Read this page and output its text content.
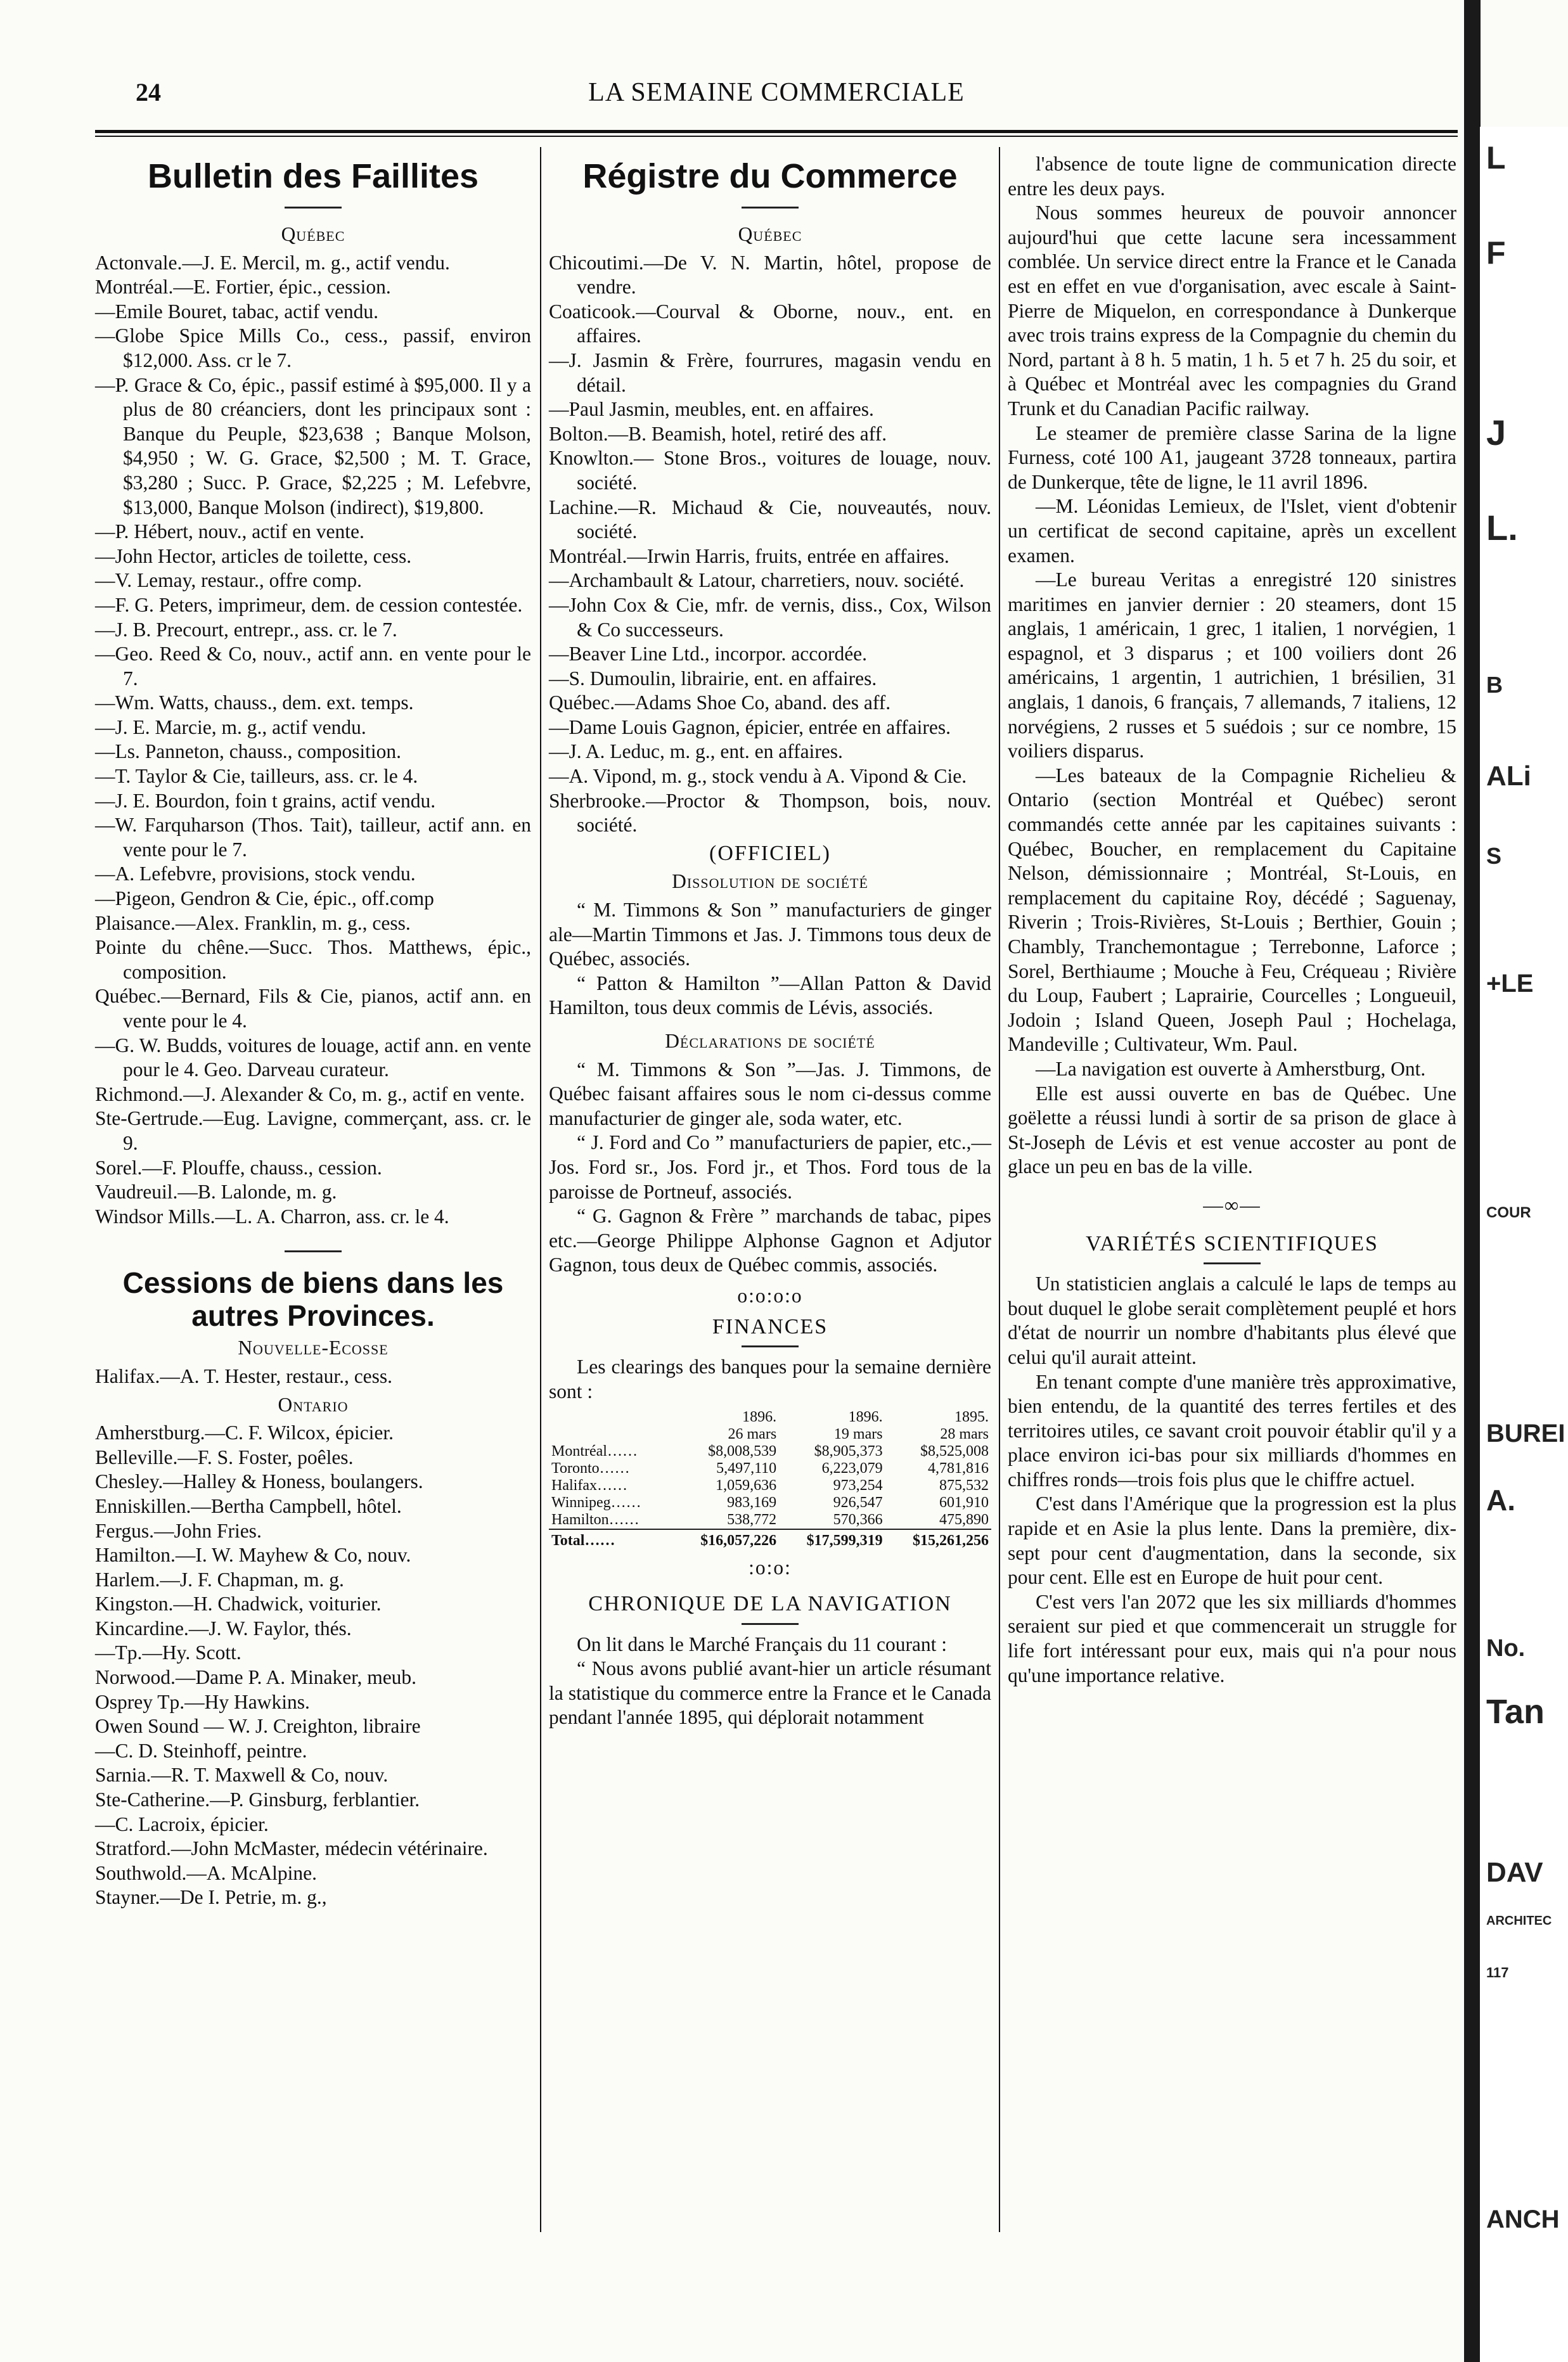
24	LA SEMAINE COMMERCIALE

Bulletin des Faillites

Québec

Actonvale.—J. E. Mercil, m. g., actif vendu.

Montréal.—E. Fortier, épic., cession.

—Emile Bouret, tabac, actif vendu.

—Globe Spice Mills Co., cess., passif, environ $12,000. Ass. cr le 7.

—P. Grace & Co, épic., passif estimé à $95,000. Il y a plus de 80 créanciers, dont les principaux sont : Banque du Peuple, $23,638 ; Banque Molson, $4,950 ; W. G. Grace, $2,500 ; M. T. Grace, $3,280 ; Succ. P. Grace, $2,225 ; M. Lefebvre, $13,000, Banque Molson (indirect), $19,800.

—P. Hébert, nouv., actif en vente.

—John Hector, articles de toilette, cess.

—V. Lemay, restaur., offre comp.

—F. G. Peters, imprimeur, dem. de cession contestée.

—J. B. Precourt, entrepr., ass. cr. le 7.

—Geo. Reed & Co, nouv., actif ann. en vente pour le 7.

—Wm. Watts, chauss., dem. ext. temps.

—J. E. Marcie, m. g., actif vendu.

—Ls. Panneton, chauss., composition.

—T. Taylor & Cie, tailleurs, ass. cr. le 4.

—J. E. Bourdon, foin t grains, actif vendu.

—W. Farquharson (Thos. Tait), tailleur, actif ann. en vente pour le 7.

—A. Lefebvre, provisions, stock vendu.

—Pigeon, Gendron & Cie, épic., off.comp

Plaisance.—Alex. Franklin, m. g., cess.

Pointe du chêne.—Succ. Thos. Matthews, épic., composition.

Québec.—Bernard, Fils & Cie, pianos, actif ann. en vente pour le 4.

—G. W. Budds, voitures de louage, actif ann. en vente pour le 4. Geo. Darveau curateur.

Richmond.—J. Alexander & Co, m. g., actif en vente.

Ste-Gertrude.—Eug. Lavigne, commerçant, ass. cr. le 9.

Sorel.—F. Plouffe, chauss., cession.

Vaudreuil.—B. Lalonde, m. g.

Windsor Mills.—L. A. Charron, ass. cr. le 4.

Cessions de biens dans les autres Provinces.

Nouvelle-Ecosse

Halifax.—A. T. Hester, restaur., cess.

Ontario

Amherstburg.—C. F. Wilcox, épicier.

Belleville.—F. S. Foster, poêles.

Chesley.—Halley & Honess, boulangers.

Enniskillen.—Bertha Campbell, hôtel.

Fergus.—John Fries.

Hamilton.—I. W. Mayhew & Co, nouv.

Harlem.—J. F. Chapman, m. g.

Kingston.—H. Chadwick, voiturier.

Kincardine.—J. W. Faylor, thés.

—Tp.—Hy. Scott.

Norwood.—Dame P. A. Minaker, meub.

Osprey Tp.—Hy Hawkins.

Owen Sound — W. J. Creighton, libraire

—C. D. Steinhoff, peintre.

Sarnia.—R. T. Maxwell & Co, nouv.

Ste-Catherine.—P. Ginsburg, ferblantier.

—C. Lacroix, épicier.

Stratford.—John McMaster, médecin vétérinaire.

Southwold.—A. McAlpine.

Stayner.—De I. Petrie, m. g.,

Régistre du Commerce

Québec

Chicoutimi.—De V. N. Martin, hôtel, propose de vendre.

Coaticook.—Courval & Oborne, nouv., ent. en affaires.

—J. Jasmin & Frère, fourrures, magasin vendu en détail.

—Paul Jasmin, meubles, ent. en affaires.

Bolton.—B. Beamish, hotel, retiré des aff.

Knowlton.— Stone Bros., voitures de louage, nouv. société.

Lachine.—R. Michaud & Cie, nouveautés, nouv. société.

Montréal.—Irwin Harris, fruits, entrée en affaires.

—Archambault & Latour, charretiers, nouv. société.

—John Cox & Cie, mfr. de vernis, diss., Cox, Wilson & Co successeurs.

—Beaver Line Ltd., incorpor. accordée.

—S. Dumoulin, librairie, ent. en affaires.

Québec.—Adams Shoe Co, aband. des aff.

—Dame Louis Gagnon, épicier, entrée en affaires.

—J. A. Leduc, m. g., ent. en affaires.

—A. Vipond, m. g., stock vendu à A. Vipond & Cie.

Sherbrooke.—Proctor & Thompson, bois, nouv. société.

(OFFICIEL)

Dissolution de société

“ M. Timmons & Son ” manufacturiers de ginger ale—Martin Timmons et Jas. J. Timmons tous deux de Québec, associés.

“ Patton & Hamilton ”—Allan Patton & David Hamilton, tous deux commis de Lévis, associés.

Déclarations de société

“ M. Timmons & Son ”—Jas. J. Timmons, de Québec faisant affaires sous le nom ci-dessus comme manufacturier de ginger ale, soda water, etc.

“ J. Ford and Co ” manufacturiers de papier, etc.,—Jos. Ford sr., Jos. Ford jr., et Thos. Ford tous de la paroisse de Portneuf, associés.

“ G. Gagnon & Frère ” marchands de tabac, pipes etc.—George Philippe Alphonse Gagnon et Adjutor Gagnon, tous deux de Québec commis, associés.

o:o:o:o

FINANCES

Les clearings des banques pour la semaine dernière sont :

	1896.	1896.	1895.
	26 mars	19 mars	28 mars
Montréal……	$8,008,539	$8,905,373	$8,525,008
Toronto……	5,497,110	6,223,079	4,781,816
Halifax……	1,059,636	973,254	875,532
Winnipeg……	983,169	926,547	601,910
Hamilton……	538,772	570,366	475,890
Total……	$16,057,226	$17,599,319	$15,261,256

:o:o:

CHRONIQUE DE LA NAVIGATION

On lit dans le Marché Français du 11 courant :

“ Nous avons publié avant-hier un article résumant la statistique du commerce entre la France et le Canada pendant l'année 1895, qui déplorait notamment

l'absence de toute ligne de communication directe entre les deux pays.

Nous sommes heureux de pouvoir annoncer aujourd'hui que cette lacune sera incessamment comblée. Un service direct entre la France et le Canada est en effet en vue d'organisation, avec escale à Saint-Pierre de Miquelon, en correspondance à Dunkerque avec trois trains express de la Compagnie du chemin du Nord, partant à 8 h. 5 matin, 1 h. 5 et 7 h. 25 du soir, et à Québec et Montréal avec les compagnies du Grand Trunk et du Canadian Pacific railway.

Le steamer de première classe Sarina de la ligne Furness, coté 100 A1, jaugeant 3728 tonneaux, partira de Dunkerque, tête de ligne, le 11 avril 1896.

—M. Léonidas Lemieux, de l'Islet, vient d'obtenir un certificat de second capitaine, après un excellent examen.

—Le bureau Veritas a enregistré 120 sinistres maritimes en janvier dernier : 20 steamers, dont 15 anglais, 1 américain, 1 grec, 1 italien, 1 norvégien, 1 espagnol, et 3 disparus ; et 100 voiliers dont 26 américains, 1 argentin, 1 autrichien, 1 brésilien, 31 anglais, 1 danois, 6 français, 7 allemands, 7 italiens, 12 norvégiens, 2 russes et 5 suédois ; sur ce nombre, 15 voiliers disparus.

—Les bateaux de la Compagnie Richelieu & Ontario (section Montréal et Québec) seront commandés cette année par les capitaines suivants : Québec, Boucher, en remplacement du Capitaine Nelson, démissionnaire ; Montréal, St-Louis, en remplacement du capitaine Roy, décédé ; Saguenay, Riverin ; Trois-Rivières, St-Louis ; Berthier, Gouin ; Chambly, Tranchemontague ; Terrebonne, Laforce ; Sorel, Berthiaume ; Mouche à Feu, Créqueau ; Rivière du Loup, Faubert ; Laprairie, Courcelles ; Longueuil, Jodoin ; Island Queen, Joseph Paul ; Hochelaga, Mandeville ; Cultivateur, Wm. Paul.

—La navigation est ouverte à Amherstburg, Ont.

Elle est aussi ouverte en bas de Québec. Une goëlette a réussi lundi à sortir de sa prison de glace à St-Joseph de Lévis et est venue accoster au pont de glace un peu en bas de la ville.

—∞—

VARIÉTÉS SCIENTIFIQUES

Un statisticien anglais a calculé le laps de temps au bout duquel le globe serait complètement peuplé et hors d'état de nourrir un nombre d'habitants plus élevé que celui qu'il aurait atteint.

En tenant compte d'une manière très approximative, bien entendu, de la quantité des terres fertiles et des territoires utiles, ce savant croit pouvoir établir qu'il y a place environ ici-bas pour six milliards d'hommes en chiffres ronds—trois fois plus que le chiffre actuel.

C'est dans l'Amérique que la progression est la plus rapide et en Asie la plus lente. Dans la première, dix-sept pour cent d'augmentation, dans la seconde, six pour cent. Elle est en Europe de huit pour cent.

C'est vers l'an 2072 que les six milliards d'hommes seraient sur pied et que commencerait un struggle for life fort intéressant pour eux, mais qui n'a pour nous qu'une importance relative.

L
F
J
L.
B
ALi
S
+LE
COUR
BUREI
A.
No.
Tan
DAV
ARCHITEC
117
ANCH
